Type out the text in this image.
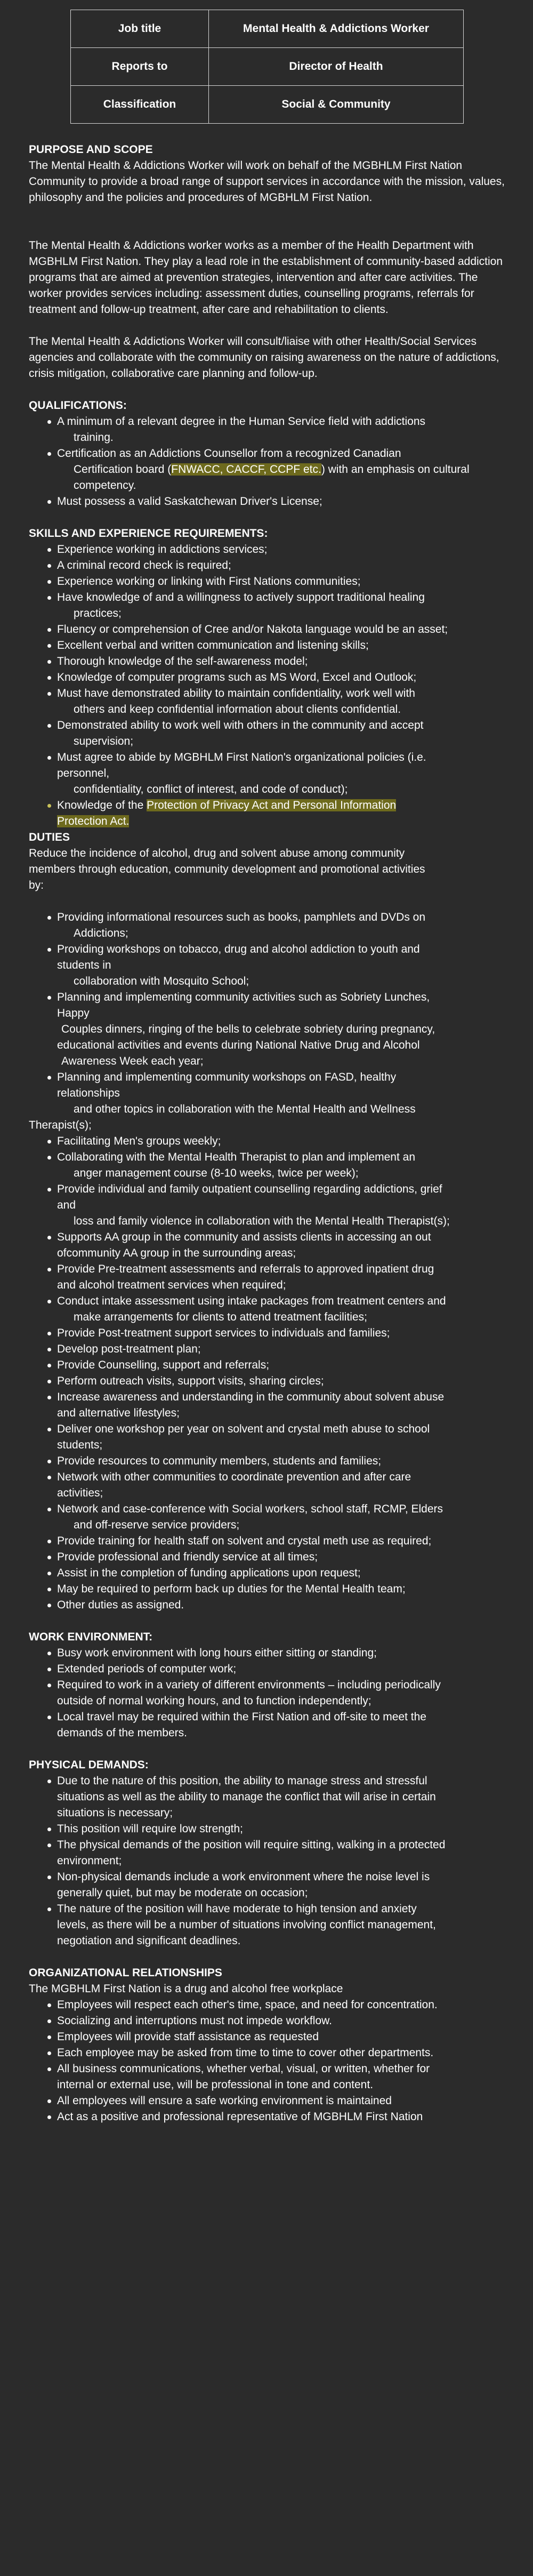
Job title	Mental Health & Addictions Worker
Reports to	Director of Health
Classification	Social & Community

PURPOSE AND SCOPE

The Mental Health & Addictions Worker will work on behalf of the MGBHLM First Nation Community to provide a broad range of support services in accordance with the mission, values, philosophy and the policies and procedures of MGBHLM First Nation.

The Mental Health & Addictions worker works as a member of the Health Department with MGBHLM First Nation. They play a lead role in the establishment of community-based addiction programs that are aimed at prevention strategies, intervention and after care activities. The worker provides services including: assessment duties, counselling programs, referrals for treatment and follow-up treatment, after care and rehabilitation to clients.

The Mental Health & Addictions Worker will consult/liaise with other Health/Social Services agencies and collaborate with the community on raising awareness on the nature of addictions, crisis mitigation, collaborative care planning and follow-up.

QUALIFICATIONS:

A minimum of a relevant degree in the Human Service field with addictions
training.
Certification as an Addictions Counsellor from a recognized Canadian
Certification board (FNWACC, CACCF, CCPF etc.) with an emphasis on cultural
competency.
Must possess a valid Saskatchewan Driver's License;

SKILLS AND EXPERIENCE REQUIREMENTS:

Experience working in addictions services;
A criminal record check is required;
Experience working or linking with First Nations communities;
Have knowledge of and a willingness to actively support traditional healing
practices;
Fluency or comprehension of Cree and/or Nakota language would be an asset;
Excellent verbal and written communication and listening skills;
Thorough knowledge of the self-awareness model;
Knowledge of computer programs such as MS Word, Excel and Outlook;
Must have demonstrated ability to maintain confidentiality, work well with
others and keep confidential information about clients confidential.
Demonstrated ability to work well with others in the community and accept
supervision;
Must agree to abide by MGBHLM First Nation's organizational policies (i.e.
personnel,
confidentiality, conflict of interest, and code of conduct);
Knowledge of the Protection of Privacy Act and Personal Information
Protection Act.

DUTIES

Reduce the incidence of alcohol, drug and solvent abuse among community
members through education, community development and promotional activities
by:

Providing informational resources such as books, pamphlets and DVDs on
Addictions;
Providing workshops on tobacco, drug and alcohol addiction to youth and
students in
collaboration with Mosquito School;
Planning and implementing community activities such as Sobriety Lunches,
Happy
Couples dinners, ringing of the bells to celebrate sobriety during pregnancy,
educational activities and events during National Native Drug and Alcohol
Awareness Week each year;
Planning and implementing community workshops on FASD, healthy
relationships
and other topics in collaboration with the Mental Health and Wellness

Therapist(s);

Facilitating Men's groups weekly;
Collaborating with the Mental Health Therapist to plan and implement an
anger management course (8-10 weeks, twice per week);
Provide individual and family outpatient counselling regarding addictions, grief
and
loss and family violence in collaboration with the Mental Health Therapist(s);
Supports AA group in the community and assists clients in accessing an out
ofcommunity AA group in the surrounding areas;
Provide Pre-treatment assessments and referrals to approved inpatient drug
and alcohol treatment services when required;
Conduct intake assessment using intake packages from treatment centers and
make arrangements for clients to attend treatment facilities;
Provide Post-treatment support services to individuals and families;
Develop post-treatment plan;
Provide Counselling, support and referrals;
Perform outreach visits, support visits, sharing circles;
Increase awareness and understanding in the community about solvent abuse
and alternative lifestyles;
Deliver one workshop per year on solvent and crystal meth abuse to school
students;
Provide resources to community members, students and families;
Network with other communities to coordinate prevention and after care
activities;
Network and case-conference with Social workers, school staff, RCMP, Elders
and off-reserve service providers;
Provide training for health staff on solvent and crystal meth use as required;
Provide professional and friendly service at all times;
Assist in the completion of funding applications upon request;
May be required to perform back up duties for the Mental Health team;
Other duties as assigned.

WORK ENVIRONMENT:

Busy work environment with long hours either sitting or standing;
Extended periods of computer work;
Required to work in a variety of different environments – including periodically
outside of normal working hours, and to function independently;
Local travel may be required within the First Nation and off-site to meet the
demands of the members.

PHYSICAL DEMANDS:

Due to the nature of this position, the ability to manage stress and stressful
situations as well as the ability to manage the conflict that will arise in certain
situations is necessary;
This position will require low strength;
The physical demands of the position will require sitting, walking in a protected
environment;
Non-physical demands include a work environment where the noise level is
generally quiet, but may be moderate on occasion;
The nature of the position will have moderate to high tension and anxiety
levels, as there will be a number of situations involving conflict management,
negotiation and significant deadlines.

ORGANIZATIONAL RELATIONSHIPS

The MGBHLM First Nation is a drug and alcohol free workplace

Employees will respect each other's time, space, and need for concentration.
Socializing and interruptions must not impede workflow.
Employees will provide staff assistance as requested
Each employee may be asked from time to time to cover other departments.
All business communications, whether verbal, visual, or written, whether for
internal or external use, will be professional in tone and content.
All employees will ensure a safe working environment is maintained
Act as a positive and professional representative of MGBHLM First Nation
